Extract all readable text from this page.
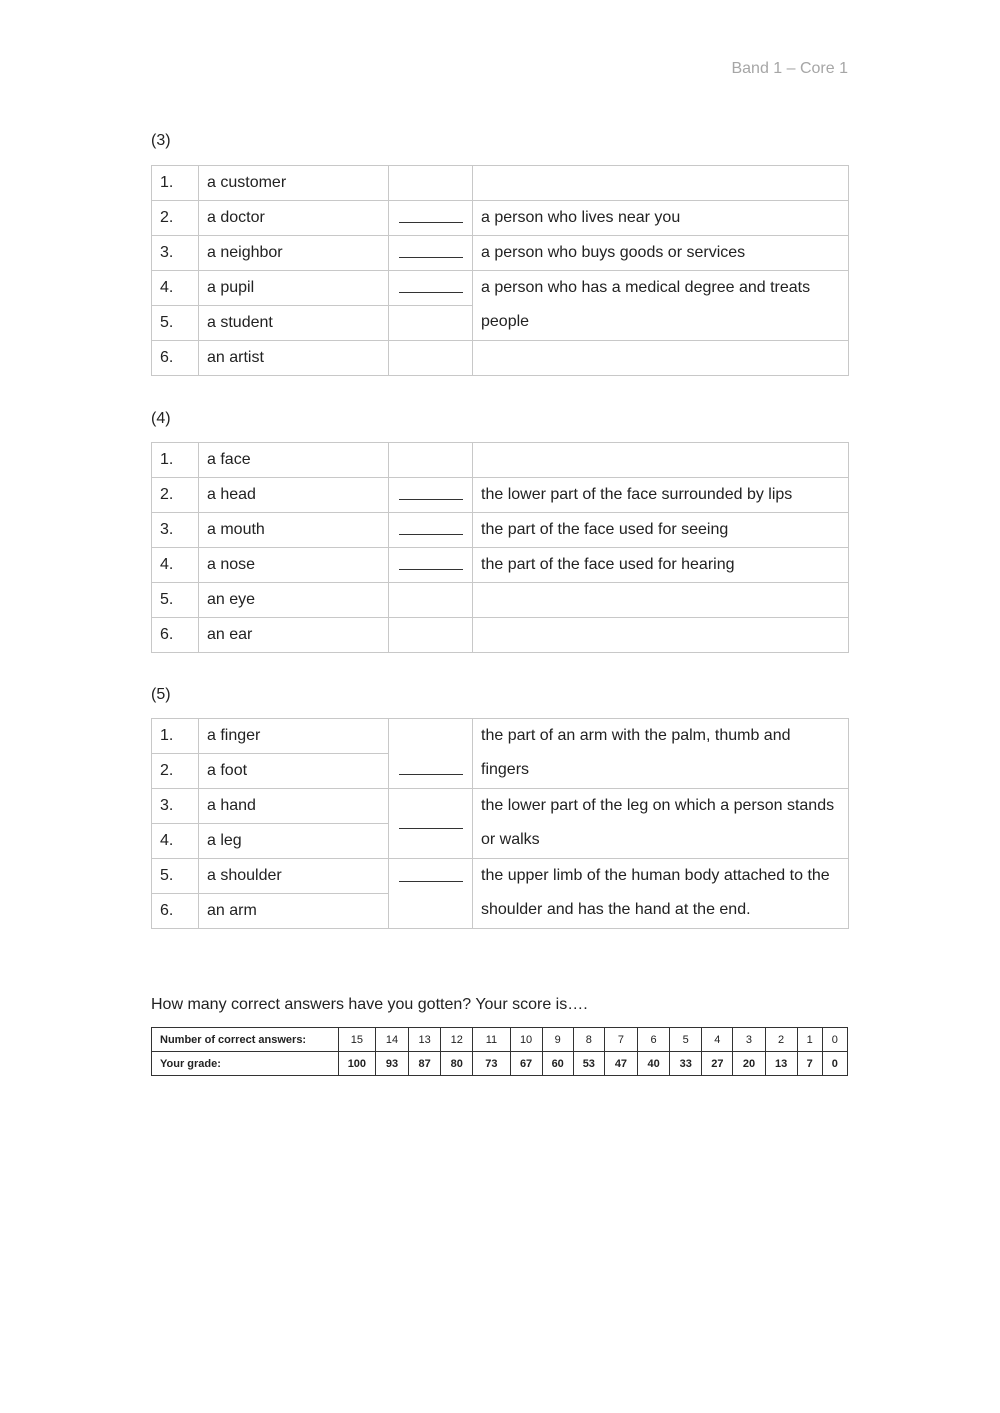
Band 1 – Core 1
(3)
1.	a customer		
2.	a doctor		a person who lives near you
3.	a neighbor		a person who buys goods or services
4.	a pupil		a person who has a medical degree and treats people
5.	a student		
6.	an artist		
(4)
1.	a face		
2.	a head		the lower part of the face surrounded by lips
3.	a mouth		the part of the face used for seeing
4.	a nose		the part of the face used for hearing
5.	an eye		
6.	an ear		
(5)
1.	a finger		the part of an arm with the palm, thumb and fingers
2.	a foot		
3.	a hand		the lower part of the leg on which a person stands or walks
4.	a leg		
5.	a shoulder		the upper limb of the human body attached to the shoulder and has the hand at the end.
6.	an arm		
How many correct answers have you gotten? Your score is….
Number of correct answers:	15	14	13	12	11	10	9	8	7	6	5	4	3	2	1	0
Your grade:	100	93	87	80	73	67	60	53	47	40	33	27	20	13	7	0
